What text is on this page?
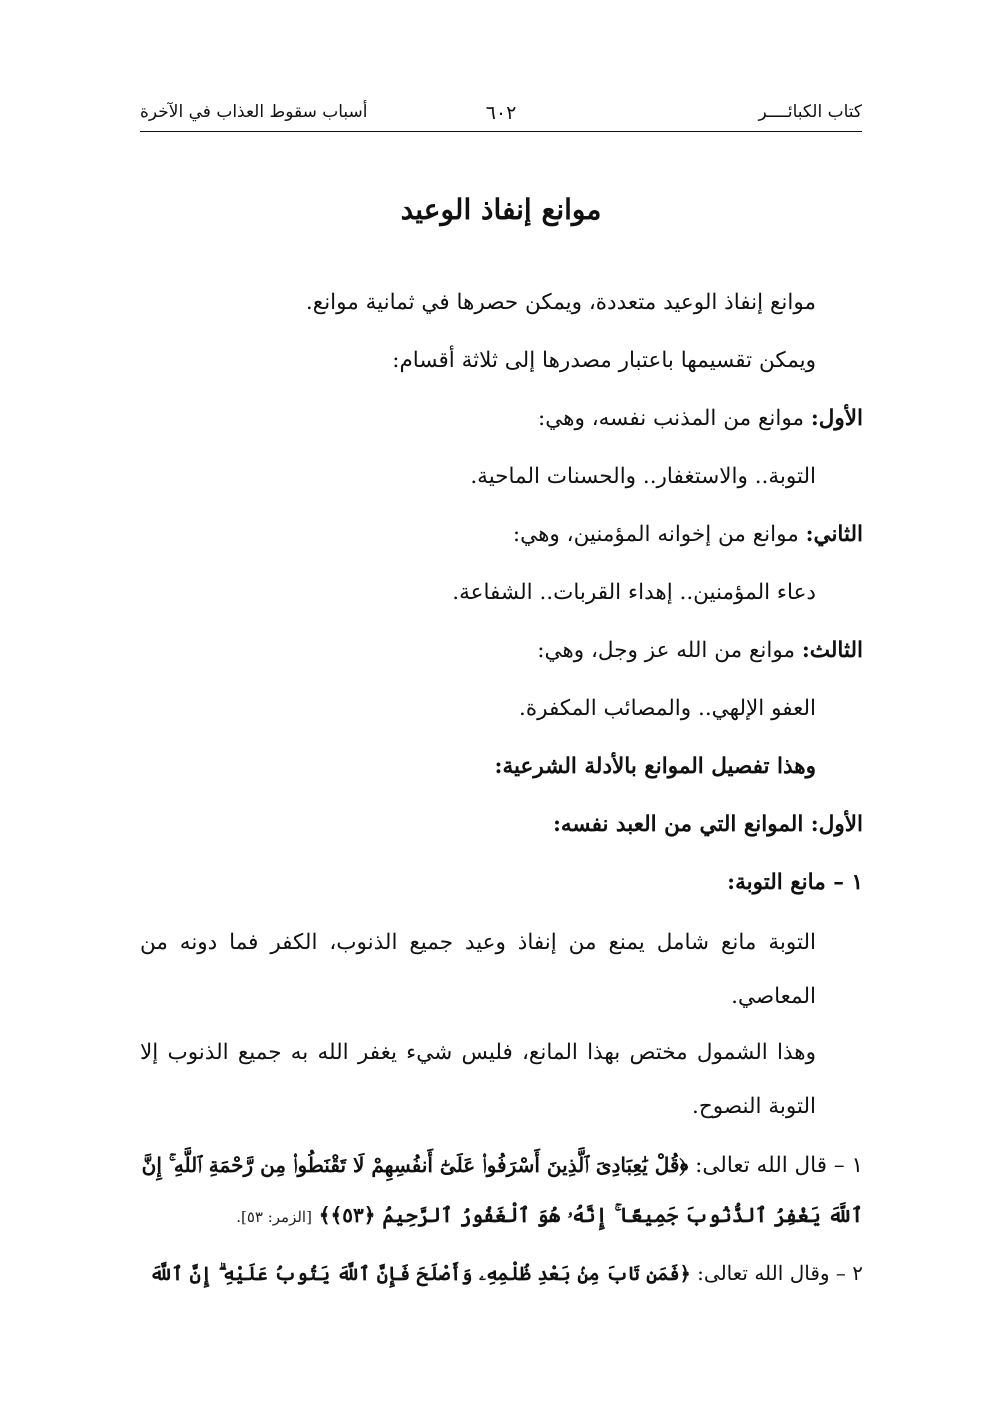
كتاب الكبائــــر
٦٠٢
أسباب سقوط العذاب في الآخرة
موانع إنفاذ الوعيد
موانع إنفاذ الوعيد متعددة، ويمكن حصرها في ثمانية موانع.
ويمكن تقسيمها باعتبار مصدرها إلى ثلاثة أقسام:
الأول: موانع من المذنب نفسه، وهي:
التوبة.. والاستغفار.. والحسنات الماحية.
الثاني: موانع من إخوانه المؤمنين، وهي:
دعاء المؤمنين.. إهداء القربات.. الشفاعة.
الثالث: موانع من الله عز وجل، وهي:
العفو الإلهي.. والمصائب المكفرة.
وهذا تفصيل الموانع بالأدلة الشرعية:
الأول: الموانع التي من العبد نفسه:
١ – مانع التوبة:
التوبة مانع شامل يمنع من إنفاذ وعيد جميع الذنوب، الكفر فما دونه من
المعاصي.
وهذا الشمول مختص بهذا المانع، فليس شيء يغفر الله به جميع الذنوب إلا
التوبة النصوح.
١ – قال الله تعالى: ﴿قُلْ يَٰعِبَادِىَ ٱلَّذِينَ أَسْرَفُوا۟ عَلَىٰٓ أَنفُسِهِمْ لَا تَقْنَطُوا۟ مِن رَّحْمَةِ ٱللَّهِ ۚ إِنَّ
ٱللَّهَ يَغْفِرُ ٱلذُّنُوبَ جَمِيعًا ۚ إِنَّهُۥ هُوَ ٱلْغَفُورُ ٱلرَّحِيمُ ﴿٥٣﴾﴾ [الزمر: ٥٣].
٢ – وقال الله تعالى: ﴿فَمَن تَابَ مِنۢ بَعْدِ ظُلْمِهِۦ وَأَصْلَحَ فَإِنَّ ٱللَّهَ يَتُوبُ عَلَيْهِ ۗ إِنَّ ٱللَّهَ
